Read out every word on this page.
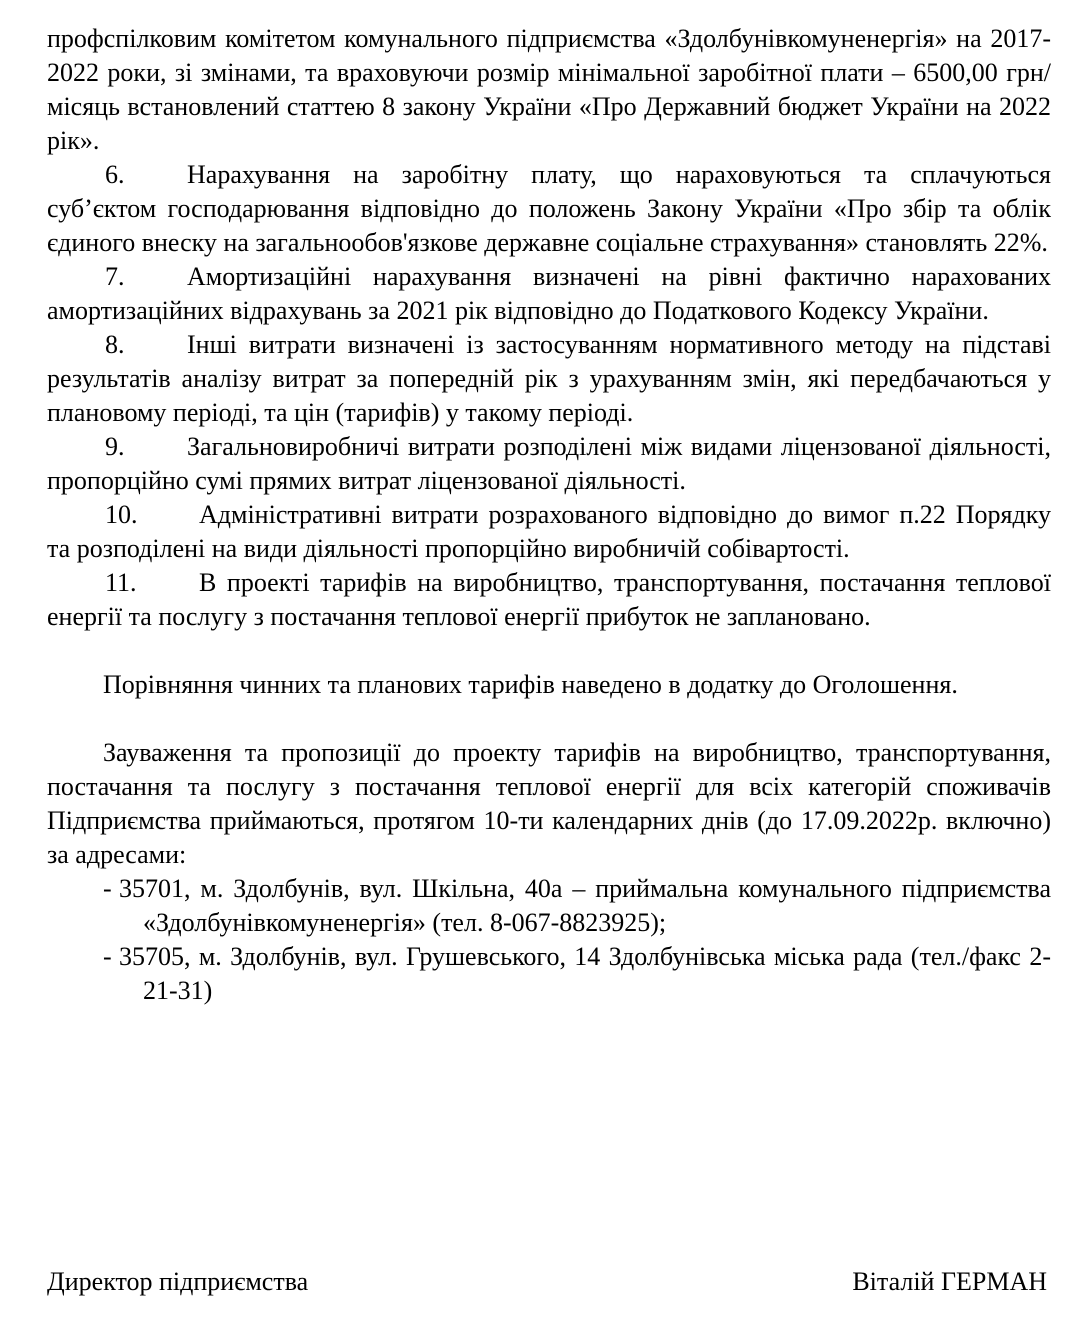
профспілковим комітетом комунального підприємства «Здолбунівкомуненергія» на 2017-2022 роки, зі змінами, та враховуючи розмір мінімальної заробітної плати – 6500,00 грн/місяць встановлений статтею 8 закону України «Про Державний бюджет України на 2022 рік».

6. Нарахування на заробітну плату, що нараховуються та сплачуються суб’єктом господарювання відповідно до положень Закону України «Про збір та облік єдиного внеску на загальнообов'язкове державне соціальне страхування» становлять 22%.

7. Амортизаційні нарахування визначені на рівні фактично нарахованих амортизаційних відрахувань за 2021 рік відповідно до Податкового Кодексу України.

8. Інші витрати визначені із застосуванням нормативного методу на підставі результатів аналізу витрат за попередній рік з урахуванням змін, які передбачаються у плановому періоді, та цін (тарифів) у такому періоді.

9. Загальновиробничі витрати розподілені між видами ліцензованої діяльності, пропорційно сумі прямих витрат ліцензованої діяльності.

10. Адміністративні витрати розрахованого відповідно до вимог п.22 Порядку та розподілені на види діяльності пропорційно виробничій собівартості.

11. В проекті тарифів на виробництво, транспортування, постачання теплової енергії та послугу з постачання теплової енергії прибуток не заплановано.

Порівняння чинних та планових тарифів наведено в додатку до Оголошення.

Зауваження та пропозиції до проекту тарифів на виробництво, транспортування, постачання та послугу з постачання теплової енергії для всіх категорій споживачів Підприємства приймаються, протягом 10-ти календарних днів (до 17.09.2022р. включно) за адресами:

- 35701, м. Здолбунів, вул. Шкільна, 40а – приймальна комунального підприємства «Здолбунівкомуненергія» (тел. 8-067-8823925);

- 35705, м. Здолбунів, вул. Грушевського, 14 Здолбунівська міська рада (тел./факс 2-21-31)

Директор підприємства	Віталій ГЕРМАН
